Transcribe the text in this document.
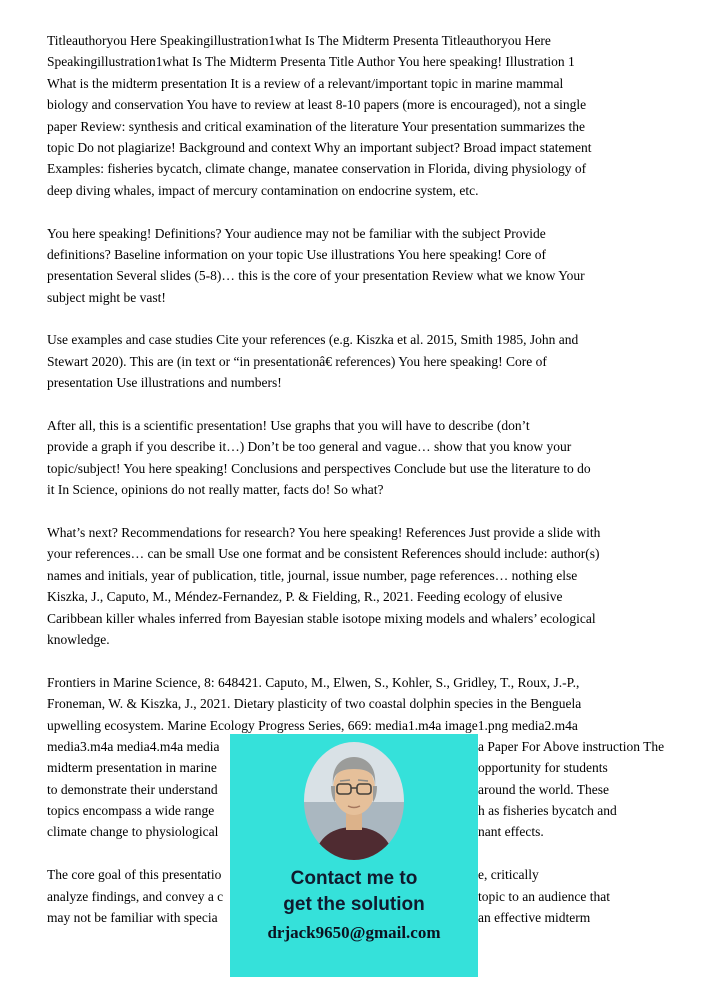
Titleauthoryou Here Speakingillustration1what Is The Midterm Presenta Titleauthoryou Here
Speakingillustration1what Is The Midterm Presenta Title Author You here speaking! Illustration 1
What is the midterm presentation It is a review of a relevant/important topic in marine mammal
biology and conservation You have to review at least 8-10 papers (more is encouraged), not a single
paper Review: synthesis and critical examination of the literature Your presentation summarizes the
topic Do not plagiarize! Background and context Why an important subject? Broad impact statement
Examples: fisheries bycatch, climate change, manatee conservation in Florida, diving physiology of
deep diving whales, impact of mercury contamination on endocrine system, etc.

You here speaking! Definitions? Your audience may not be familiar with the subject Provide
definitions? Baseline information on your topic Use illustrations You here speaking! Core of
presentation Several slides (5-8)… this is the core of your presentation Review what we know Your
subject might be vast!

Use examples and case studies Cite your references (e.g. Kiszka et al. 2015, Smith 1985, John and
Stewart 2020). This are (in text or “in presentationâ€ references) You here speaking! Core of
presentation Use illustrations and numbers!

After all, this is a scientific presentation! Use graphs that you will have to describe (don’t
provide a graph if you describe it…) Don’t be too general and vague… show that you know your
topic/subject! You here speaking! Conclusions and perspectives Conclude but use the literature to do
it In Science, opinions do not really matter, facts do! So what?

What’s next? Recommendations for research? You here speaking! References Just provide a slide with
your references… can be small Use one format and be consistent References should include: author(s)
names and initials, year of publication, title, journal, issue number, page references… nothing else
Kiszka, J., Caputo, M., Méndez-Fernandez, P. & Fielding, R., 2021. Feeding ecology of elusive
Caribbean killer whales inferred from Bayesian stable isotope mixing models and whalers’ ecological
knowledge.

Frontiers in Marine Science, 8: 648421. Caputo, M., Elwen, S., Kohler, S., Gridley, T., Roux, J.-P.,
Froneman, W. & Kiszka, J., 2021. Dietary plasticity of two coastal dolphin species in the Benguela
upwelling ecosystem. Marine Ecology Progress Series, 669: media1.m4a image1.png media2.m4a
media3.m4a media4.m4a media	a Paper For Above instruction The
midterm presentation in marine	opportunity for students
to demonstrate their understand	around the world. These
topics encompass a wide range	h as fisheries bycatch and
climate change to physiological	nant effects.

The core goal of this presentatio	e, critically
analyze findings, and convey a c	topic to an audience that
may not be familiar with specia	an effective midterm

Contact me to
get the solution
drjack9650@gmail.com
